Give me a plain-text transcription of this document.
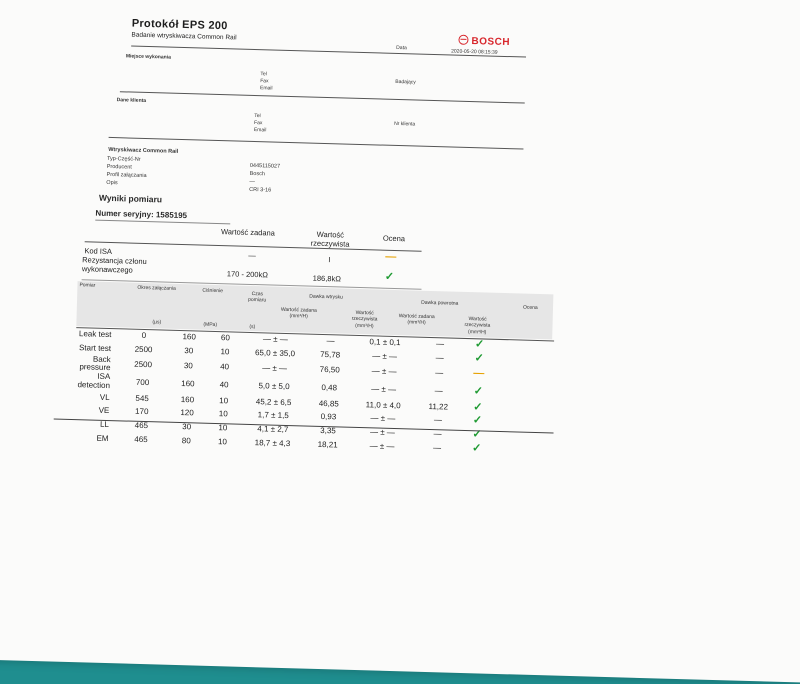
Protokół EPS 200
Badanie wtryskiwacza Common Rail	BOSCH
Data
2020-05-20 08:15:39
Miejsce wykonania
Tel
Fax
Email
Badający
Dane klienta
Tel
Fax
Email
Nr klienta
Wtryskiwacz Common Rail
Typ-Część-Nr
Producent
Profil załączania
Opis
0445115027
Bosch
—
CRI 3-16
Wyniki pomiaru
Numer seryjny: 1585195
Wartość zadana	Wartość
rzeczywista
Ocena
Kod ISA	—	I	—
Rezystancja członu
wykonawczego	170 - 200kΩ	186,8kΩ	✓
Pomiar	Okres załączania	Ciśnienie	Czas
pomiaru	Dawka wtrysku
Dawka powrotna
Ocena
Wartość zadana
(mm³/H)
Wartość
rzeczywista
(mm³/H)
Wartość zadana
(mm³/H)
Wartość
rzeczywista
(mm³/H)
(µs)	(MPa)	(s)
Leak test	0	160	60	— ± —	—	0,1 ± 0,1	—	✓
Start test	2500	30	10	65,0 ± 35,0	75,78	— ± —	—	✓

Back
pressure	2500	30	40	— ± —	76,50	— ± —	—	—

ISA
detection	700	160	40	5,0 ± 5,0	0,48	— ± —	—	✓
VL	545	160	10	45,2 ± 6,5	46,85	11,0 ± 4,0	11,22	✓
VE	170	120	10	1,7 ± 1,5	0,93	— ± —	—	✓
LL	465	30	10	4,1 ± 2,7	3,35	— ± —	—	✓
EM	465	80	10	18,7 ± 4,3	18,21	— ± —	—	✓
